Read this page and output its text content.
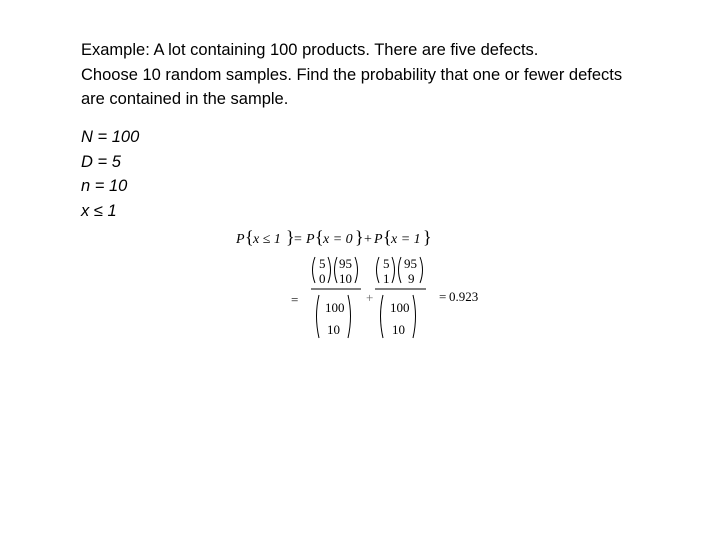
Example: A lot containing 100 products. There are five defects.
Choose 10 random samples. Find the probability that one or fewer defects
are contained in the sample.
N = 100
D = 5
n = 10
x ≤ 1
P { x ≤ 1 } = P { x = 0 } + P { x = 1 }
=
5
0
95
10
100
10
+
5
1
95
9
100
10
= 0.923
